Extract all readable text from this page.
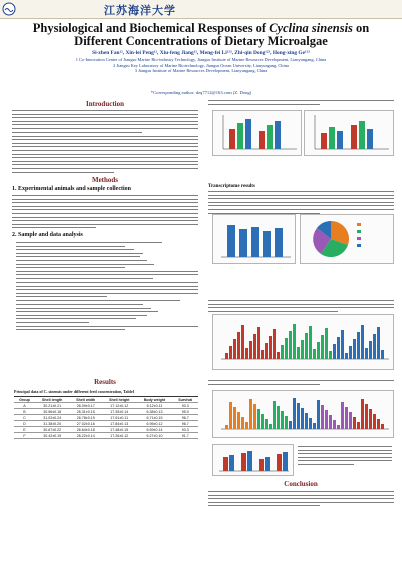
江苏海洋大学
Physiological and Biochemical Responses of Cyclina sinensis on
Different Concentrations of Dietary Microalgae
Si-zhen Fan¹², Xin-lei Peng¹², Xiu-feng Jiang¹², Meng-fei Li¹²³, Zhi-qin Dong¹²³, Hong-xing Ge¹²³
1 Co-Innovation Center of Jiangsu Marine Bio-industry Technology, Jiangsu Institute of Marine Resources Development, Lianyungang, China
2 Jiangsu Key Laboratory of Marine Biotechnology, Jiangsu Ocean University, Lianyungang, China
3 Jiangsu Institute of Marine Resources Development, Lianyungang, China
*Corresponding author: dzq7712@163.com (Z. Dong)
Introduction
Methods
1. Experimental animals and sample collection
2. Sample and data analysis
Results
Principal data of C. sinensis under different feed concentration, Table1
Group	Shell length	Shell width	Shell height	Body weight	Survival
A	30.21±0.21	26.09±0.17	17.12±0.12	6.12±0.11	93.3
B	30.56±0.18	26.31±0.15	17.35±0.14	6.38±0.13	95.0
C	31.02±0.24	26.78±0.19	17.61±0.11	6.71±0.15	96.7
D	31.38±0.20	27.02±0.16	17.84±0.13	6.95±0.12	96.7
E	30.87±0.22	26.64±0.18	17.48±0.15	6.59±0.14	93.3
F	30.42±0.19	26.22±0.14	17.26±0.12	6.27±0.10	91.7
Transcriptome results
Conclusion
